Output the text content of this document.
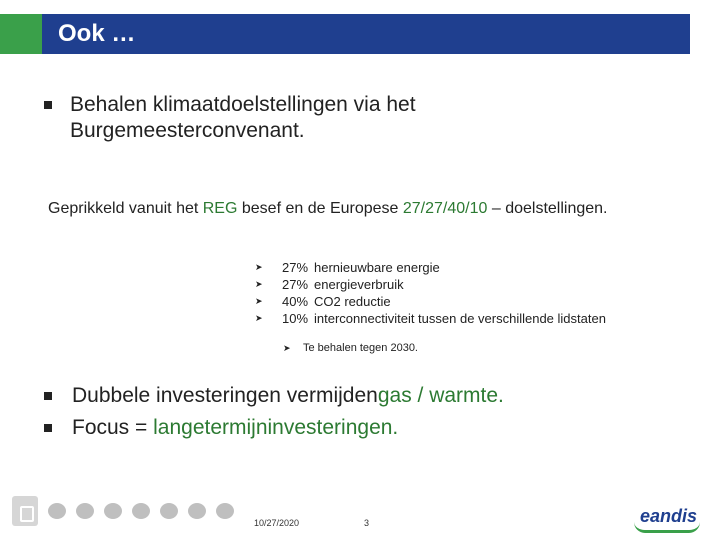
Ook …
Behalen klimaatdoelstellingen via het Burgemeesterconvenant.
Geprikkeld vanuit het REG besef en de Europese 27/27/40/10 – doelstellingen.
➤	27% hernieuwbare energie
➤	27% energieverbruik
➤	40% CO2 reductie
➤	10% interconnectiviteit tussen de verschillende lidstaten
➤	Te behalen tegen 2030.
Dubbele investeringen vermijden gas / warmte.
Focus = langetermijninvesteringen.
10/27/2020	3	eandis
